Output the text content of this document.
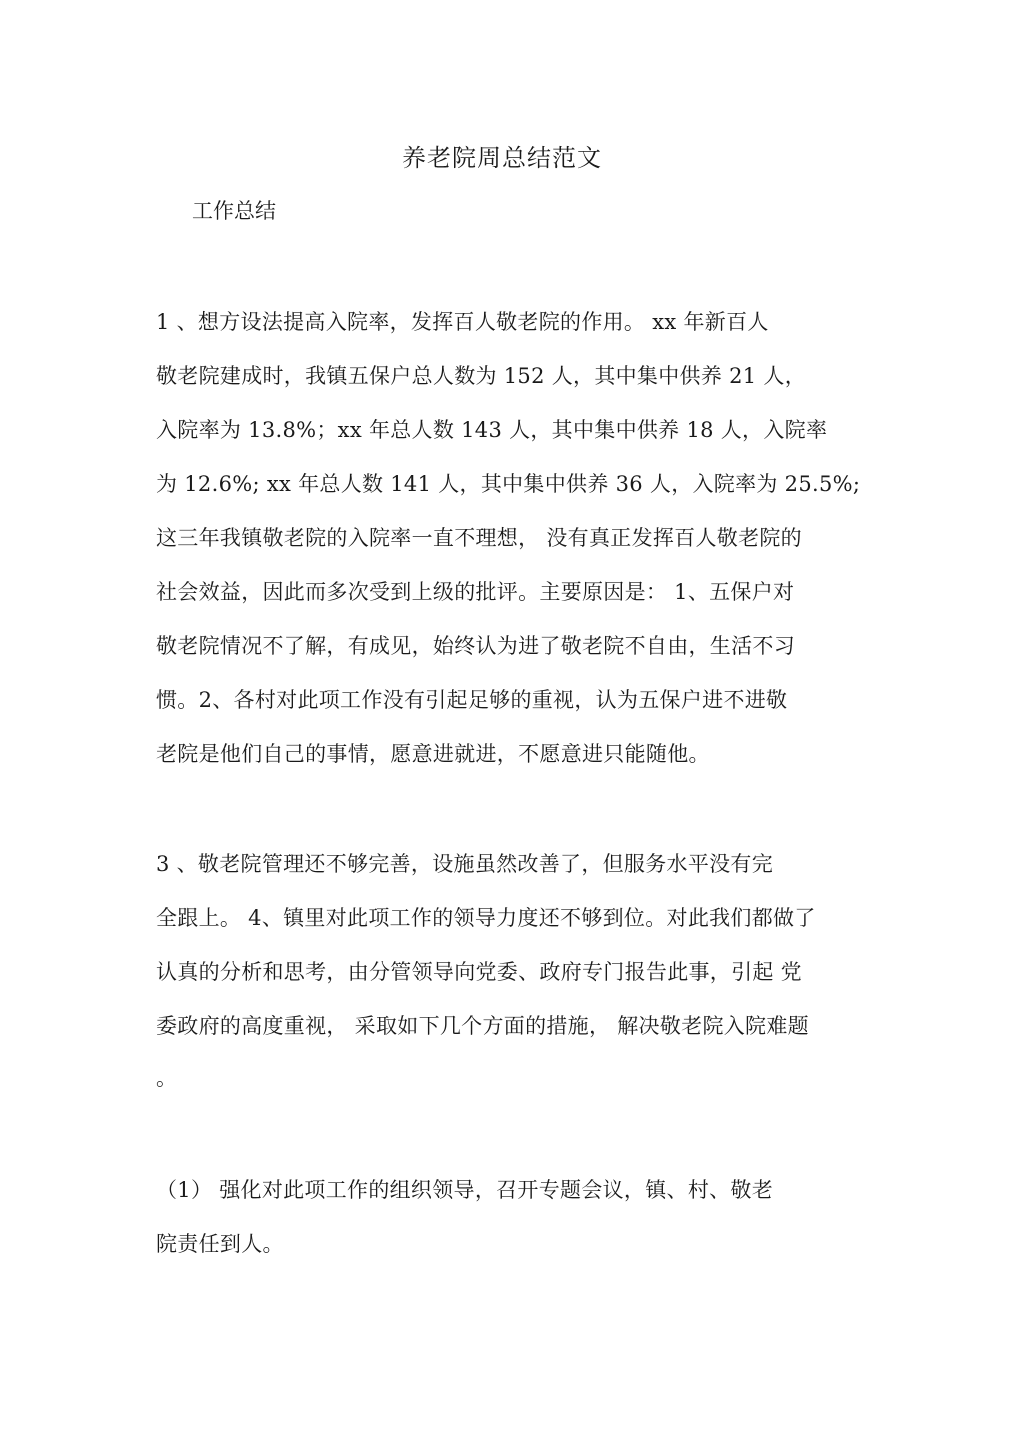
养老院周总结范文
工作总结
1 、想方设法提高入院率，发挥百人敬老院的作用。 xx 年新百人
敬老院建成时，我镇五保户总人数为 152 人，其中集中供养 21 人，
入院率为 13.8%；xx 年总人数 143 人，其中集中供养 18 人，入院率
为 12.6%; xx 年总人数 141 人，其中集中供养 36 人，入院率为 25.5%;
这三年我镇敬老院的入院率一直不理想， 没有真正发挥百人敬老院的
社会效益，因此而多次受到上级的批评。主要原因是： 1、五保户对
敬老院情况不了解，有成见，始终认为进了敬老院不自由，生活不习
惯。2、各村对此项工作没有引起足够的重视，认为五保户进不进敬
老院是他们自己的事情，愿意进就进，不愿意进只能随他。
3 、敬老院管理还不够完善，设施虽然改善了，但服务水平没有完
全跟上。 4、镇里对此项工作的领导力度还不够到位。对此我们都做了
认真的分析和思考，由分管领导向党委、政府专门报告此事，引起 党
委政府的高度重视， 采取如下几个方面的措施， 解决敬老院入院难题
。
（1） 强化对此项工作的组织领导，召开专题会议，镇、村、敬老
院责任到人。
